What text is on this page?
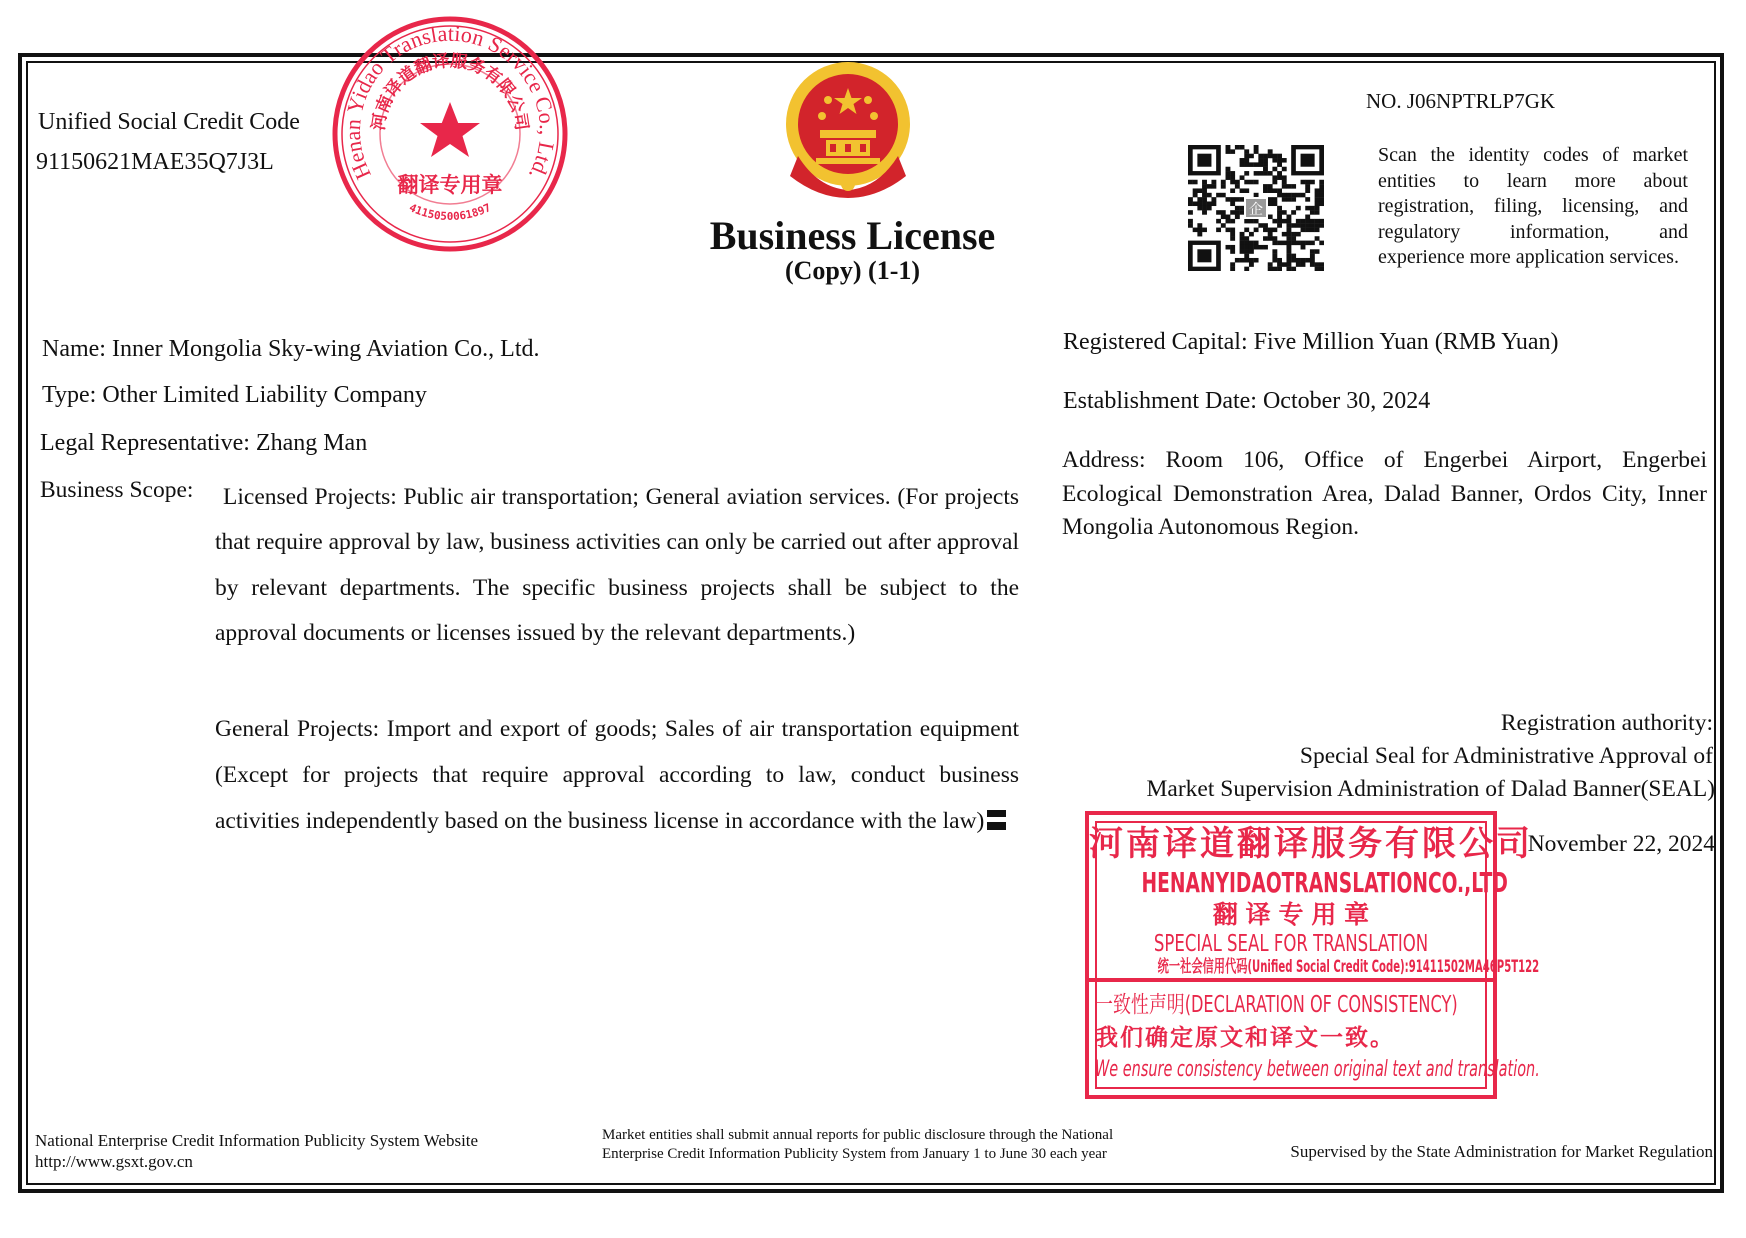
Unified Social Credit Code
91150621MAE35Q7J3L	Henan Yidao Translation Service Co., Ltd.
河南译道翻译服务有限公司
翻译专用章
4115050061897
Business License
(Copy) (1-1)
NO. J06NPTRLP7GK
企
Scan the identity codes of market entities to learn more about registration, filing, licensing, and regulatory information, and experience more application services.
Name: Inner Mongolia Sky-wing Aviation Co., Ltd.
Type: Other Limited Liability Company
Legal Representative: Zhang Man
Business Scope:	Licensed Projects: Public air transportation; General aviation services. (For projects that require approval by law, business activities can only be carried out after approval by relevant departments. The specific business projects shall be subject to the approval documents or licenses issued by the relevant departments.)
General Projects: Import and export of goods; Sales of air transportation equipment (Except for projects that require approval according to law, conduct business activities independently based on the business license in accordance with the law)
Registered Capital: Five Million Yuan (RMB Yuan)
Establishment Date: October 30, 2024
Address: Room 106, Office of Engerbei Airport, Engerbei Ecological Demonstration Area, Dalad Banner, Ordos City, Inner Mongolia Autonomous Region.
Registration authority:
Special Seal for Administrative Approval of
Market Supervision Administration of Dalad Banner(SEAL)
November 22, 2024
河南译道翻译服务有限公司
HENANYIDAOTRANSLATIONCO.,LTD
翻 译 专 用 章
SPECIAL SEAL FOR TRANSLATION
统一社会信用代码(Unified Social Credit Code):91411502MA46P5T122
一致性声明(DECLARATION OF CONSISTENCY)
我们确定原文和译文一致。
We ensure consistency between original text and translation.
National Enterprise Credit Information Publicity System Website
http://www.gsxt.gov.cn
Market entities shall submit annual reports for public disclosure through the National
Enterprise Credit Information Publicity System from January 1 to June 30 each year	Supervised by the State Administration for Market Regulation
